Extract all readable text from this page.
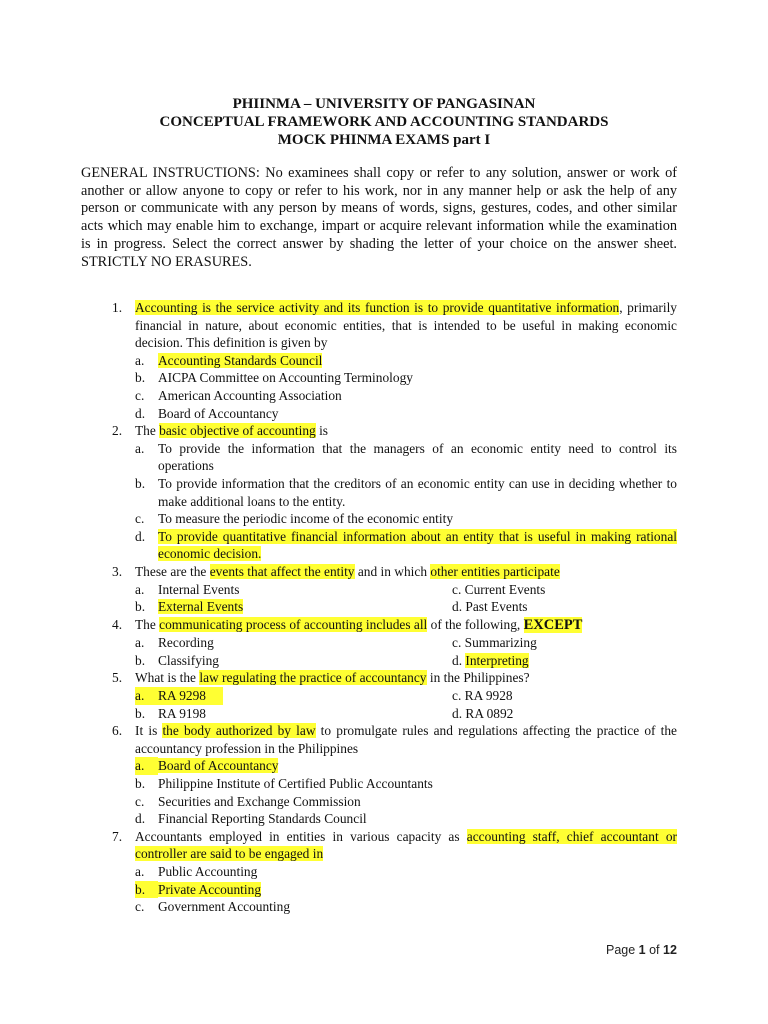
PHIINMA – UNIVERSITY OF PANGASINAN
CONCEPTUAL FRAMEWORK AND ACCOUNTING STANDARDS
MOCK PHINMA EXAMS part I
GENERAL INSTRUCTIONS: No examinees shall copy or refer to any solution, answer or work of another or allow anyone to copy or refer to his work, nor in any manner help or ask the help of any person or communicate with any person by means of words, signs, gestures, codes, and other similar acts which may enable him to exchange, impart or acquire relevant information while the examination is in progress. Select the correct answer by shading the letter of your choice on the answer sheet. STRICTLY NO ERASURES.
1. Accounting is the service activity and its function is to provide quantitative information, primarily financial in nature, about economic entities, that is intended to be useful in making economic decision. This definition is given by
a. Accounting Standards Council
b. AICPA Committee on Accounting Terminology
c. American Accounting Association
d. Board of Accountancy
2. The basic objective of accounting is
a. To provide the information that the managers of an economic entity need to control its operations
b. To provide information that the creditors of an economic entity can use in deciding whether to make additional loans to the entity.
c. To measure the periodic income of the economic entity
d. To provide quantitative financial information about an entity that is useful in making rational economic decision.
3. These are the events that affect the entity and in which other entities participate
a. Internal Events	c. Current Events
b. External Events	d. Past Events
4. The communicating process of accounting includes all of the following, EXCEPT
a. Recording	c. Summarizing
b. Classifying	d. Interpreting
5. What is the law regulating the practice of accountancy in the Philippines?
a. RA 9298	c. RA 9928
b. RA 9198	d. RA 0892
6. It is the body authorized by law to promulgate rules and regulations affecting the practice of the accountancy profession in the Philippines
a.	Board of Accountancy
b. Philippine Institute of Certified Public Accountants
c. Securities and Exchange Commission
d. Financial Reporting Standards Council
7. Accountants employed in entities in various capacity as accounting staff, chief accountant or controller are said to be engaged in
a. Public Accounting
b. Private Accounting
c. Government Accounting
Page 1 of 12
